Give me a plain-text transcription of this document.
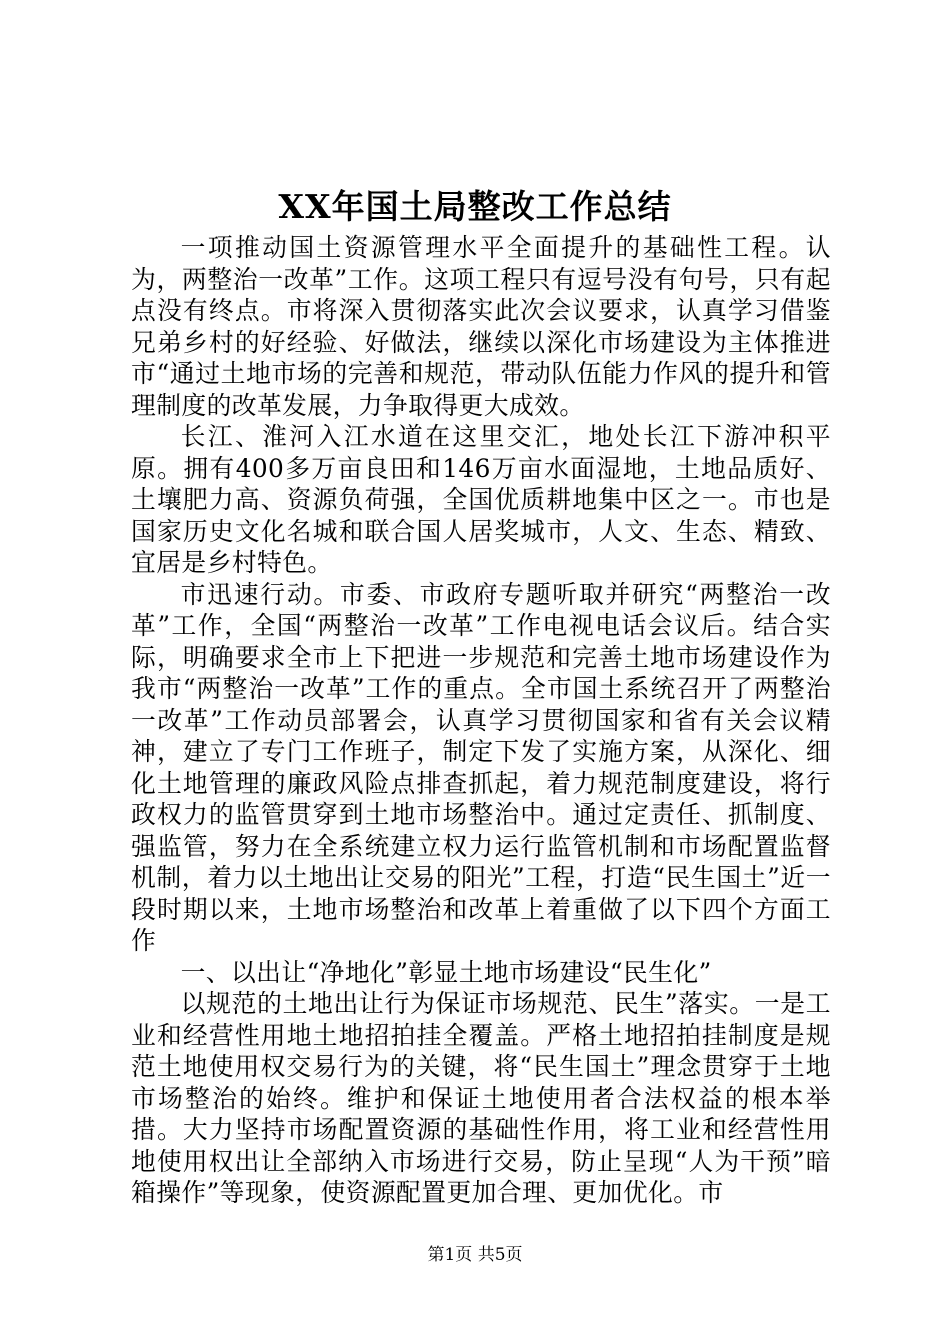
XX年国土局整改工作总结

一项推动国土资源管理水平全面提升的基础性工程。认为，两整治一改革”工作。这项工程只有逗号没有句号，只有起点没有终点。市将深入贯彻落实此次会议要求，认真学习借鉴兄弟乡村的好经验、好做法，继续以深化市场建设为主体推进市“通过土地市场的完善和规范，带动队伍能力作风的提升和管理制度的改革发展，力争取得更大成效。

长江、淮河入江水道在这里交汇，地处长江下游冲积平原。拥有400多万亩良田和146万亩水面湿地，土地品质好、土壤肥力高、资源负荷强，全国优质耕地集中区之一。市也是国家历史文化名城和联合国人居奖城市，人文、生态、精致、宜居是乡村特色。

市迅速行动。市委、市政府专题听取并研究“两整治一改革”工作，全国“两整治一改革”工作电视电话会议后。结合实际，明确要求全市上下把进一步规范和完善土地市场建设作为我市“两整治一改革”工作的重点。全市国土系统召开了两整治一改革”工作动员部署会，认真学习贯彻国家和省有关会议精神，建立了专门工作班子，制定下发了实施方案，从深化、细化土地管理的廉政风险点排查抓起，着力规范制度建设，将行政权力的监管贯穿到土地市场整治中。通过定责任、抓制度、强监管，努力在全系统建立权力运行监管机制和市场配置监督机制，着力以土地出让交易的阳光”工程，打造“民生国土”近一段时期以来，土地市场整治和改革上着重做了以下四个方面工作

一、以出让“净地化”彰显土地市场建设“民生化”

以规范的土地出让行为保证市场规范、民生”落实。一是工业和经营性用地土地招拍挂全覆盖。严格土地招拍挂制度是规范土地使用权交易行为的关键，将“民生国土”理念贯穿于土地市场整治的始终。维护和保证土地使用者合法权益的根本举措。大力坚持市场配置资源的基础性作用，将工业和经营性用地使用权出让全部纳入市场进行交易，防止呈现“人为干预”暗箱操作”等现象，使资源配置更加合理、更加优化。市

第1页 共5页
